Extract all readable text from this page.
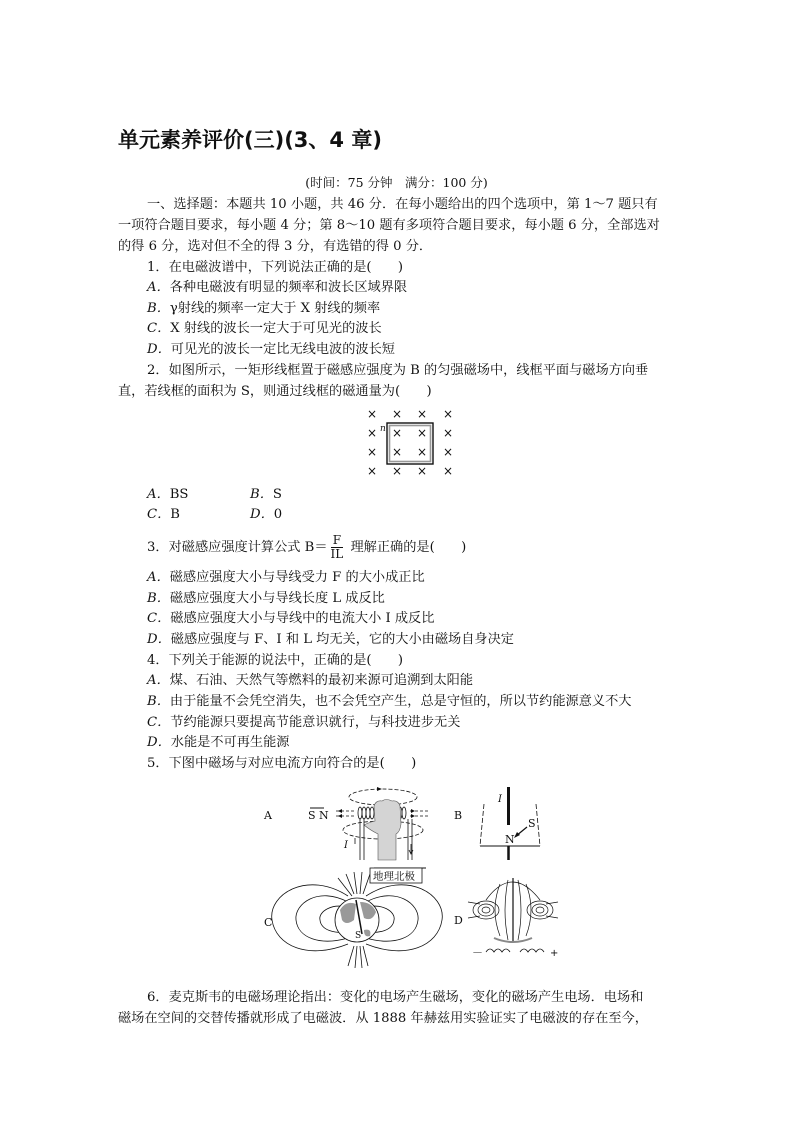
单元素养评价(三)(3、4 章)
(时间：75 分钟　满分：100 分)
一、选择题：本题共 10 小题，共 46 分．在每小题给出的四个选项中，第 1～7 题只有
一项符合题目要求，每小题 4 分；第 8～10 题有多项符合题目要求，每小题 6 分，全部选对
的得 6 分，选对但不全的得 3 分，有选错的得 0 分．
1．在电磁波谱中，下列说法正确的是(　　)
A．各种电磁波有明显的频率和波长区域界限
B．γ射线的频率一定大于 X 射线的频率
C．X 射线的波长一定大于可见光的波长
D．可见光的波长一定比无线电波的波长短
2．如图所示，一矩形线框置于磁感应强度为 B 的匀强磁场中，线框平面与磁场方向垂
直，若线框的面积为 S，则通过线框的磁通量为(　　)
× × × ×
× × × ×
× × × ×
× × × ×
n
A．BS	B．S
C．B	D．0
3．对磁感应强度计算公式 $B= \frac{F}{IL}$ 理解正确的是(　　)
A．磁感应强度大小与导线受力 F 的大小成正比
B．磁感应强度大小与导线长度 L 成反比
C．磁感应强度大小与导线中的电流大小 I 成反比
D．磁感应强度与 F、I 和 L 均无关，它的大小由磁场自身决定
4．下列关于能源的说法中，正确的是(　　)
A．煤、石油、天然气等燃料的最初来源可追溯到太阳能
B．由于能量不会凭空消失，也不会凭空产生，总是守恒的，所以节约能源意义不大
C．节约能源只要提高节能意识就行，与科技进步无关
D．水能是不可再生能源
5．下图中磁场与对应电流方向符合的是(　　)
A	S N
I
B
I
S
N
C
S
地理北极
D
－	+
6．麦克斯韦的电磁场理论指出：变化的电场产生磁场，变化的磁场产生电场．电场和
磁场在空间的交替传播就形成了电磁波．从 1888 年赫兹用实验证实了电磁波的存在至今，
